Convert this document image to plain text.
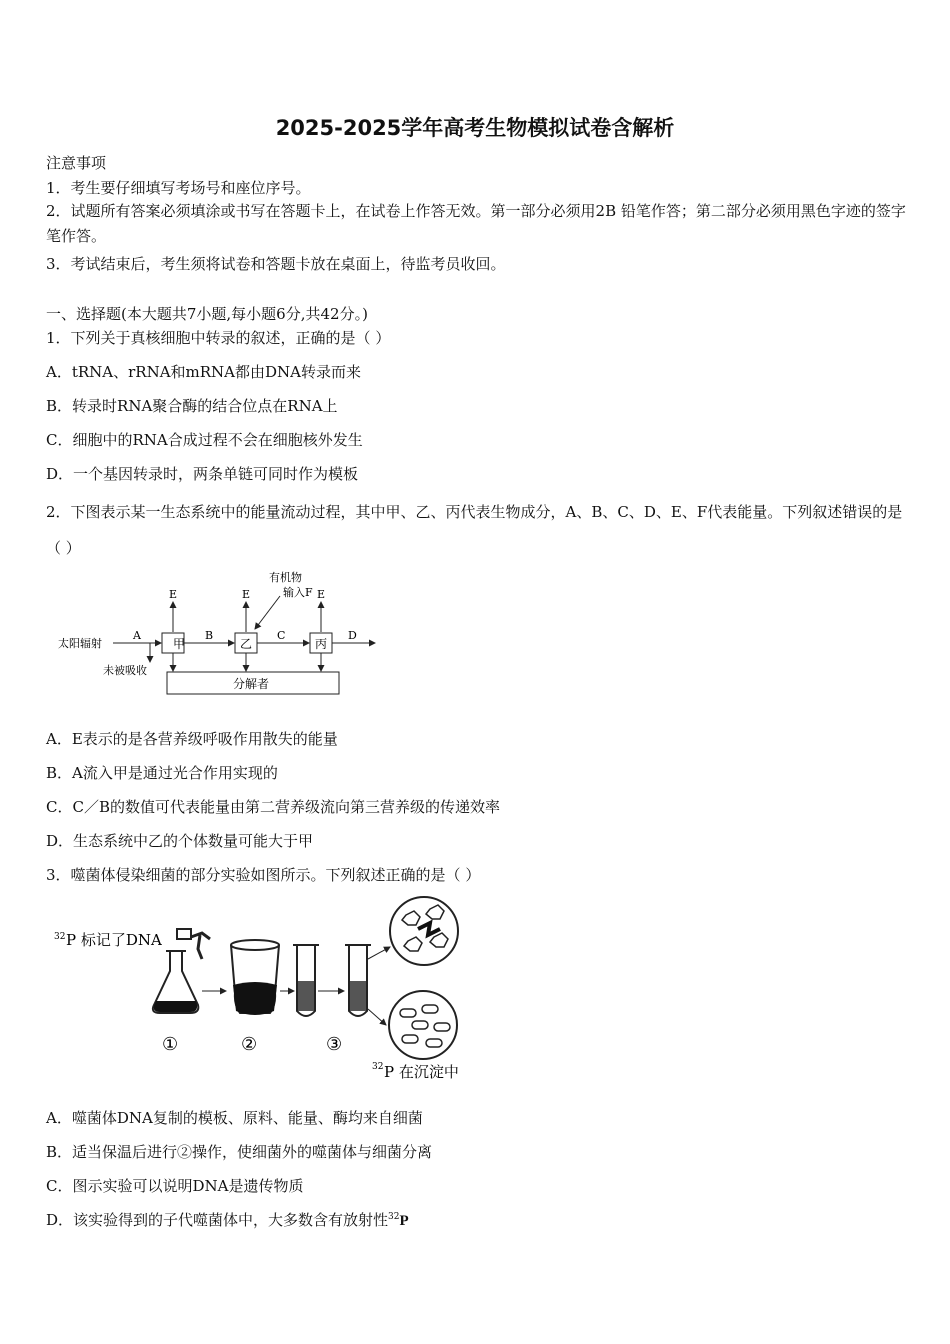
2025-2025学年高考生物模拟试卷含解析
注意事项
1．考生要仔细填写考场号和座位序号。
2．试题所有答案必须填涂或书写在答题卡上，在试卷上作答无效。第一部分必须用2B 铅笔作答；第二部分必须用黑色字迹的签字笔作答。
3．考试结束后，考生须将试卷和答题卡放在桌面上，待监考员收回。
一、选择题(本大题共7小题,每小题6分,共42分。)
1．下列关于真核细胞中转录的叙述，正确的是（ ）
A．tRNA、rRNA和mRNA都由DNA转录而来
B．转录时RNA聚合酶的结合位点在RNA上
C．细胞中的RNA合成过程不会在细胞核外发生
D．一个基因转录时，两条单链可同时作为模板
2．下图表示某一生态系统中的能量流动过程，其中甲、乙、丙代表生物成分，A、B、C、D、E、F代表能量。下列叙述错误的是（ ）
甲	乙	丙
分解者
太阳辐射
A	B	C	D
未被吸收
E	E	E
有机物
输入F
A．E表示的是各营养级呼吸作用散失的能量
B．A流入甲是通过光合作用实现的
C．C／B的数值可代表能量由第二营养级流向第三营养级的传递效率
D．生态系统中乙的个体数量可能大于甲
3．噬菌体侵染细菌的部分实验如图所示。下列叙述正确的是（ ）
32 P 标记了DNA
①	②	③
32 P 在沉淀中
A．噬菌体DNA复制的模板、原料、能量、酶均来自细菌
B．适当保温后进行②操作，使细菌外的噬菌体与细菌分离
C．图示实验可以说明DNA是遗传物质
D．该实验得到的子代噬菌体中，大多数含有放射性$^{32}$P
